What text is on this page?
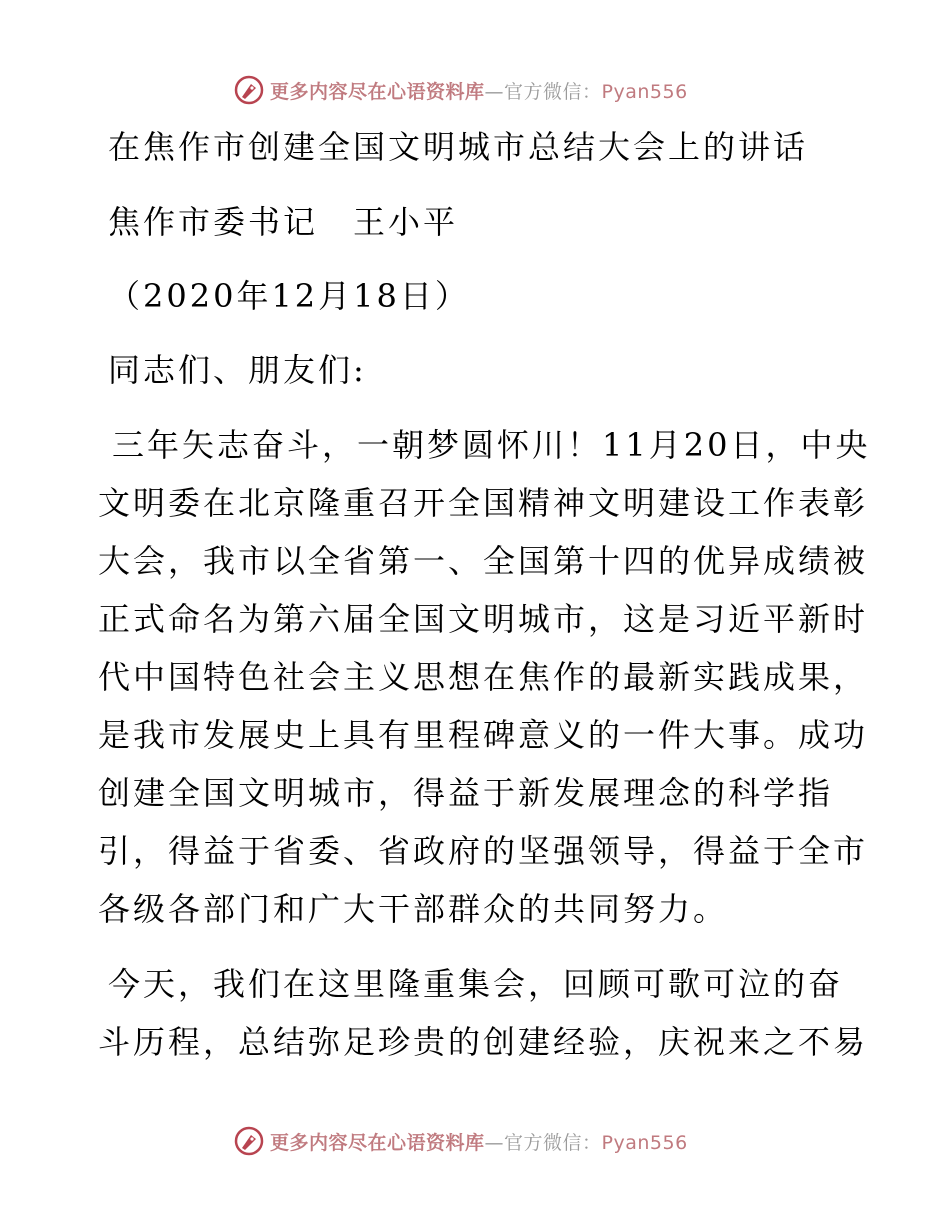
更多内容尽在心语资料库—官方微信：Pyan556
在焦作市创建全国文明城市总结大会上的讲话
焦作市委书记　王小平
（2020年12月18日）
同志们、朋友们:
三年矢志奋斗，一朝梦圆怀川！11月20日，中央
文明委在北京隆重召开全国精神文明建设工作表彰
大会，我市以全省第一、全国第十四的优异成绩被
正式命名为第六届全国文明城市，这是习近平新时
代中国特色社会主义思想在焦作的最新实践成果，
是我市发展史上具有里程碑意义的一件大事。成功
创建全国文明城市，得益于新发展理念的科学指
引，得益于省委、省政府的坚强领导，得益于全市
各级各部门和广大干部群众的共同努力。
今天，我们在这里隆重集会，回顾可歌可泣的奋
斗历程，总结弥足珍贵的创建经验，庆祝来之不易
更多内容尽在心语资料库—官方微信：Pyan556
